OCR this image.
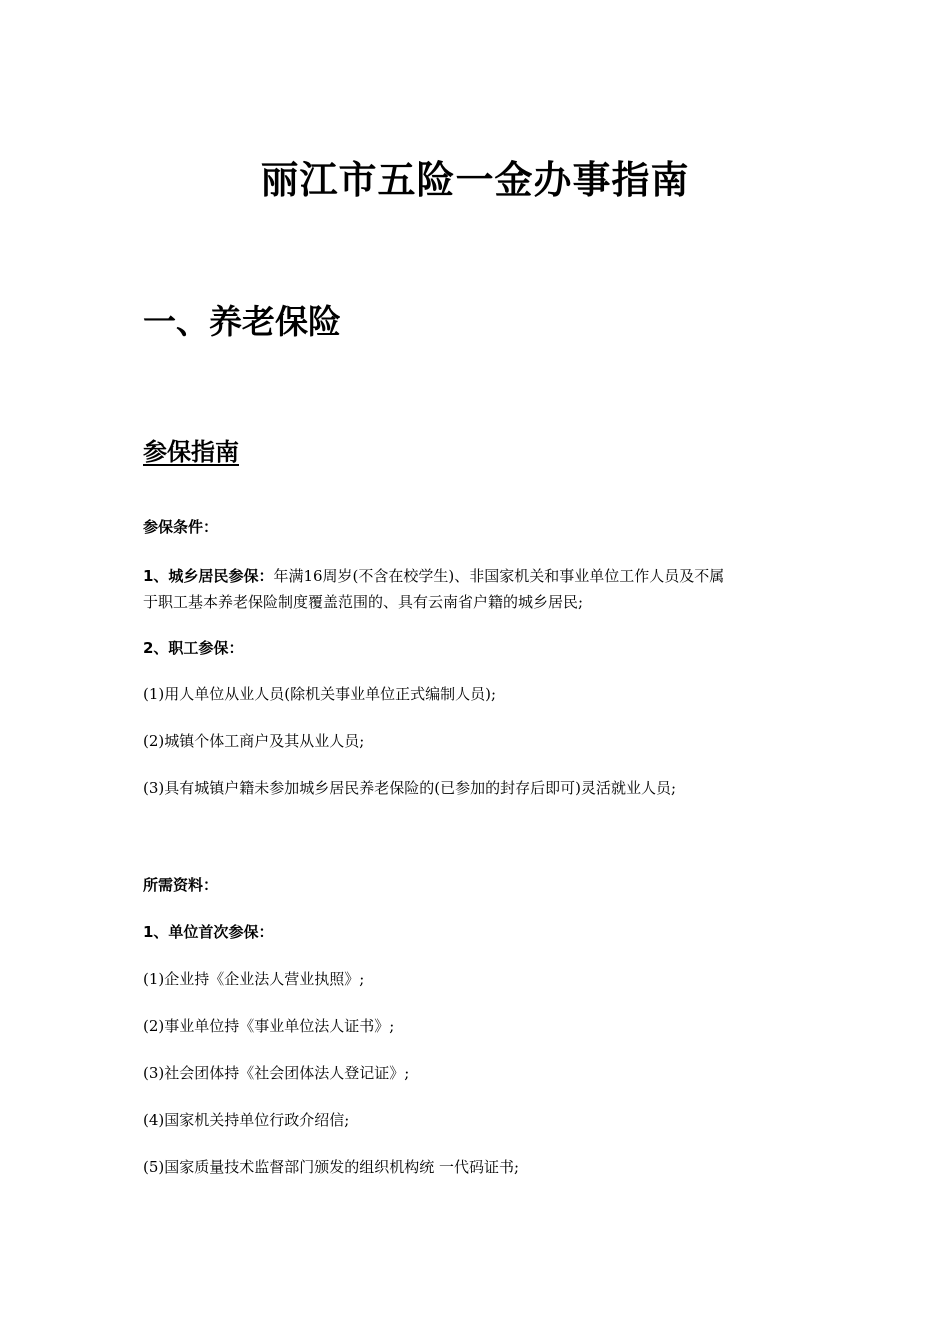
丽江市五险一金办事指南
一、养老保险
参保指南
参保条件：
1、城乡居民参保：年满16周岁(不含在校学生)、非国家机关和事业单位工作人员及不属
于职工基本养老保险制度覆盖范围的、具有云南省户籍的城乡居民;
2、职工参保：
(1)用人单位从业人员(除机关事业单位正式编制人员);
(2)城镇个体工商户及其从业人员;
(3)具有城镇户籍未参加城乡居民养老保险的(已参加的封存后即可)灵活就业人员;
所需资料：
1、单位首次参保：
(1)企业持《企业法人营业执照》;
(2)事业单位持《事业单位法人证书》;
(3)社会团体持《社会团体法人登记证》;
(4)国家机关持单位行政介绍信;
(5)国家质量技术监督部门颁发的组织机构统 一代码证书;
